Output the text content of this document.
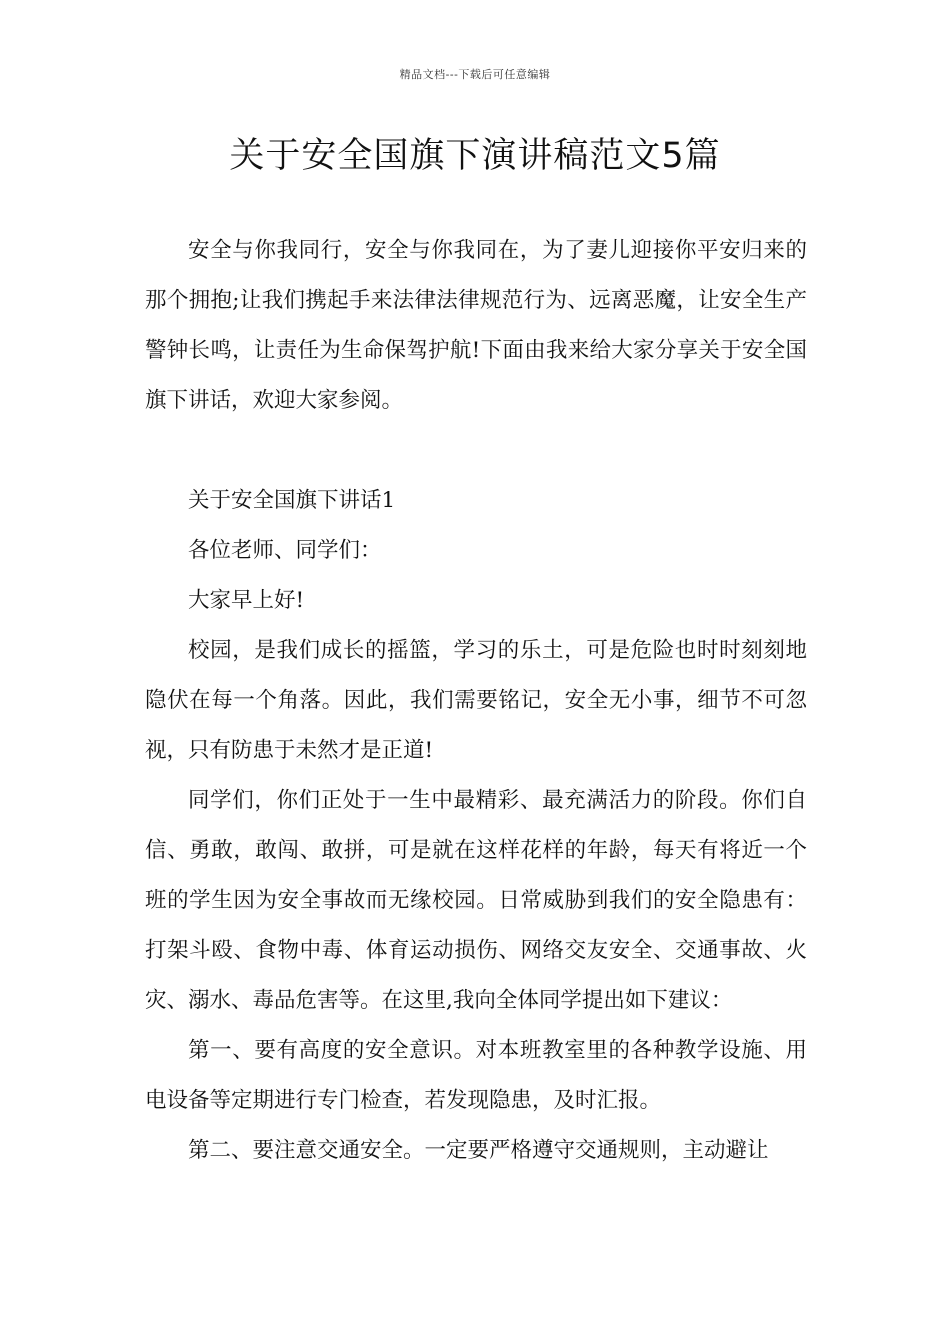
精品文档---下载后可任意编辑
关于安全国旗下演讲稿范文5篇

安全与你我同行，安全与你我同在，为了妻儿迎接你平安归来的那个拥抱;让我们携起手来法律法律规范行为、远离恶魔，让安全生产警钟长鸣，让责任为生命保驾护航!下面由我来给大家分享关于安全国旗下讲话，欢迎大家参阅。

关于安全国旗下讲话1

各位老师、同学们：

大家早上好!

校园，是我们成长的摇篮，学习的乐土，可是危险也时时刻刻地隐伏在每一个角落。因此，我们需要铭记，安全无小事，细节不可忽视，只有防患于未然才是正道!

同学们，你们正处于一生中最精彩、最充满活力的阶段。你们自信、勇敢，敢闯、敢拼，可是就在这样花样的年龄，每天有将近一个班的学生因为安全事故而无缘校园。日常威胁到我们的安全隐患有：打架斗殴、食物中毒、体育运动损伤、网络交友安全、交通事故、火灾、溺水、毒品危害等。在这里,我向全体同学提出如下建议：

第一、要有高度的安全意识。对本班教室里的各种教学设施、用电设备等定期进行专门检查，若发现隐患，及时汇报。

第二、要注意交通安全。一定要严格遵守交通规则，主动避让
